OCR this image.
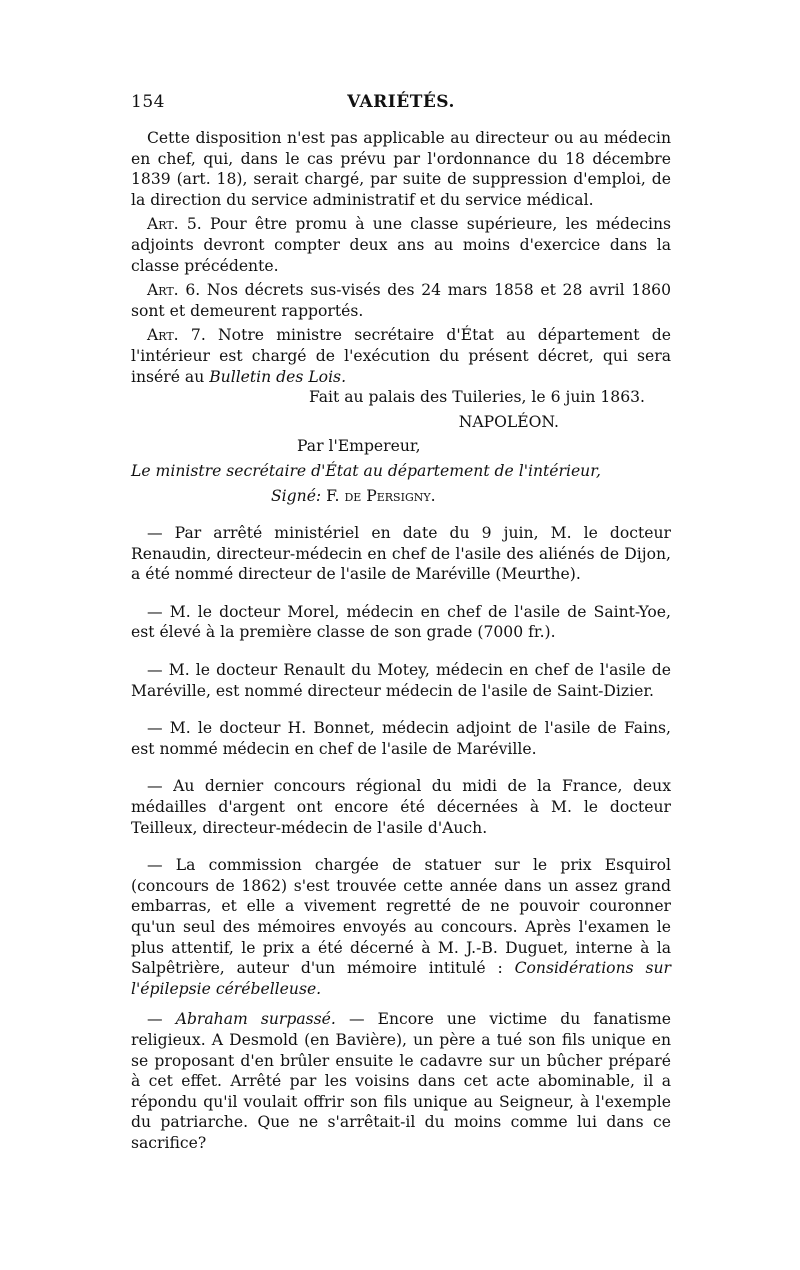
154	VARIÉTÉS.

Cette disposition n'est pas applicable au directeur ou au médecin en chef, qui, dans le cas prévu par l'ordonnance du 18 décembre 1839 (art. 18), serait chargé, par suite de suppression d'emploi, de la direction du service administratif et du service médical.

Art. 5. Pour être promu à une classe supérieure, les médecins adjoints devront compter deux ans au moins d'exercice dans la classe précédente.

Art. 6. Nos décrets sus-visés des 24 mars 1858 et 28 avril 1860 sont et demeurent rapportés.

Art. 7. Notre ministre secrétaire d'État au département de l'intérieur est chargé de l'exécution du présent décret, qui sera inséré au Bulletin des Lois.

Fait au palais des Tuileries, le 6 juin 1863.

NAPOLÉON.

Par l'Empereur,

Le ministre secrétaire d'État au département de l'intérieur,

Signé: F. de Persigny.

— Par arrêté ministériel en date du 9 juin, M. le docteur Renaudin, directeur-médecin en chef de l'asile des aliénés de Dijon, a été nommé directeur de l'asile de Maréville (Meurthe).

— M. le docteur Morel, médecin en chef de l'asile de Saint-Yoe, est élevé à la première classe de son grade (7000 fr.).

— M. le docteur Renault du Motey, médecin en chef de l'asile de Maréville, est nommé directeur médecin de l'asile de Saint-Dizier.

— M. le docteur H. Bonnet, médecin adjoint de l'asile de Fains, est nommé médecin en chef de l'asile de Maréville.

— Au dernier concours régional du midi de la France, deux médailles d'argent ont encore été décernées à M. le docteur Teilleux, directeur-médecin de l'asile d'Auch.

— La commission chargée de statuer sur le prix Esquirol (concours de 1862) s'est trouvée cette année dans un assez grand embarras, et elle a vivement regretté de ne pouvoir couronner qu'un seul des mémoires envoyés au concours. Après l'examen le plus attentif, le prix a été décerné à M. J.-B. Duguet, interne à la Salpêtrière, auteur d'un mémoire intitulé : Considérations sur l'épilepsie cérébelleuse.

— Abraham surpassé. — Encore une victime du fanatisme religieux. A Desmold (en Bavière), un père a tué son fils unique en se proposant d'en brûler ensuite le cadavre sur un bûcher préparé à cet effet. Arrêté par les voisins dans cet acte abominable, il a répondu qu'il voulait offrir son fils unique au Seigneur, à l'exemple du patriarche. Que ne s'arrêtait-il du moins comme lui dans ce sacrifice?
